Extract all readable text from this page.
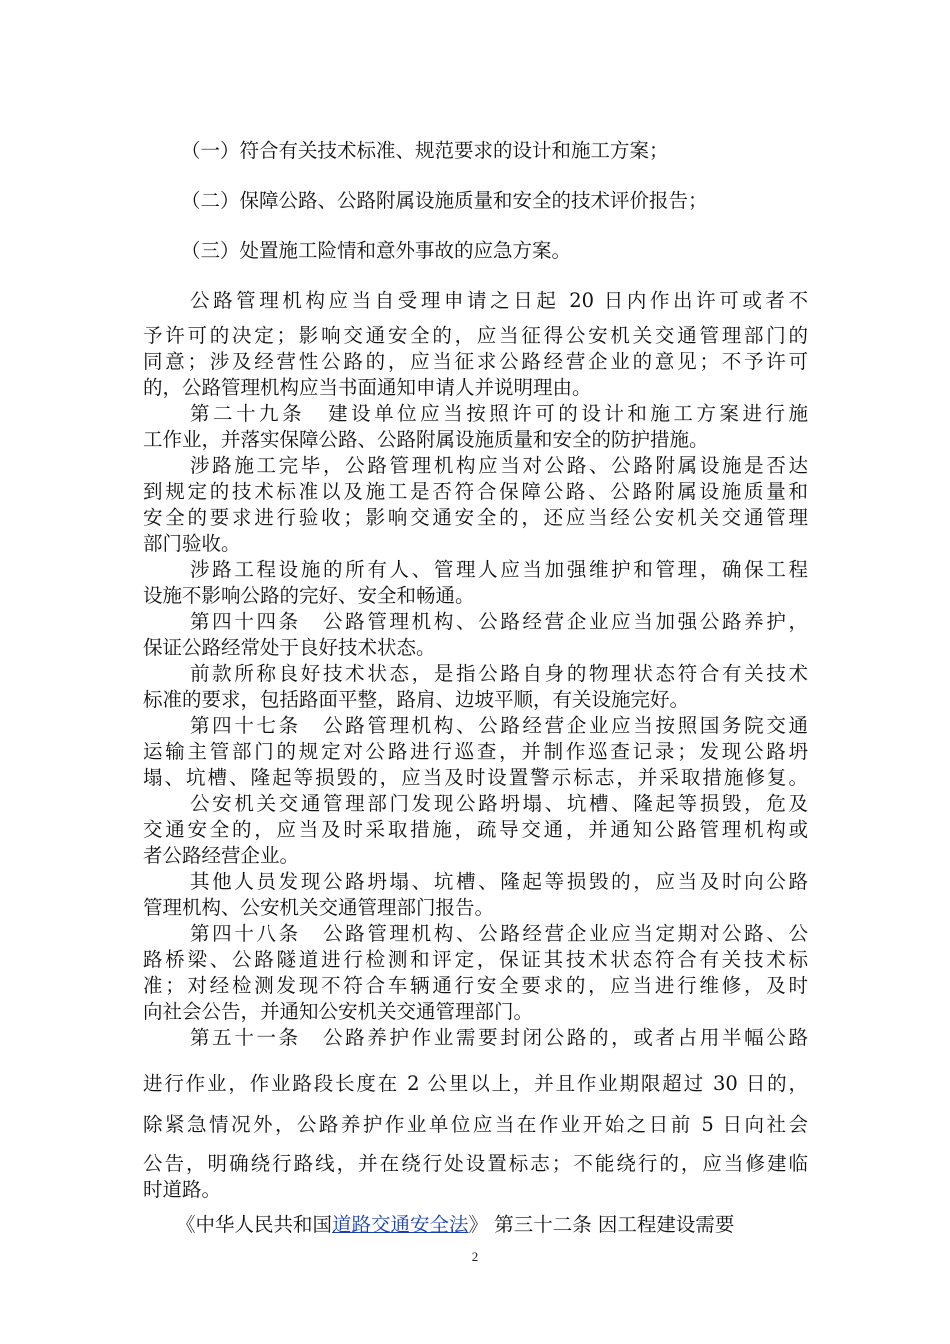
（一）符合有关技术标准、规范要求的设计和施工方案；
（二）保障公路、公路附属设施质量和安全的技术评价报告；
（三）处置施工险情和意外事故的应急方案。
公路管理机构应当自受理申请之日起 20 日内作出许可或者不
予许可的决定；影响交通安全的，应当征得公安机关交通管理部门的
同意；涉及经营性公路的，应当征求公路经营企业的意见；不予许可
的，公路管理机构应当书面通知申请人并说明理由。
第二十九条　建设单位应当按照许可的设计和施工方案进行施
工作业，并落实保障公路、公路附属设施质量和安全的防护措施。
涉路施工完毕，公路管理机构应当对公路、公路附属设施是否达
到规定的技术标准以及施工是否符合保障公路、公路附属设施质量和
安全的要求进行验收；影响交通安全的，还应当经公安机关交通管理
部门验收。
涉路工程设施的所有人、管理人应当加强维护和管理，确保工程
设施不影响公路的完好、安全和畅通。
第四十四条　公路管理机构、公路经营企业应当加强公路养护，
保证公路经常处于良好技术状态。
前款所称良好技术状态，是指公路自身的物理状态符合有关技术
标准的要求，包括路面平整，路肩、边坡平顺，有关设施完好。
第四十七条　公路管理机构、公路经营企业应当按照国务院交通
运输主管部门的规定对公路进行巡查，并制作巡查记录；发现公路坍
塌、坑槽、隆起等损毁的，应当及时设置警示标志，并采取措施修复。
公安机关交通管理部门发现公路坍塌、坑槽、隆起等损毁，危及
交通安全的，应当及时采取措施，疏导交通，并通知公路管理机构或
者公路经营企业。
其他人员发现公路坍塌、坑槽、隆起等损毁的，应当及时向公路
管理机构、公安机关交通管理部门报告。
第四十八条　公路管理机构、公路经营企业应当定期对公路、公
路桥梁、公路隧道进行检测和评定，保证其技术状态符合有关技术标
准；对经检测发现不符合车辆通行安全要求的，应当进行维修，及时
向社会公告，并通知公安机关交通管理部门。
第五十一条　公路养护作业需要封闭公路的，或者占用半幅公路
进行作业，作业路段长度在 2 公里以上，并且作业期限超过 30 日的，
除紧急情况外，公路养护作业单位应当在作业开始之日前 5 日向社会
公告，明确绕行路线，并在绕行处设置标志；不能绕行的，应当修建临
时道路。
《中华人民共和国道路交通安全法》 第三十二条 因工程建设需要
2
